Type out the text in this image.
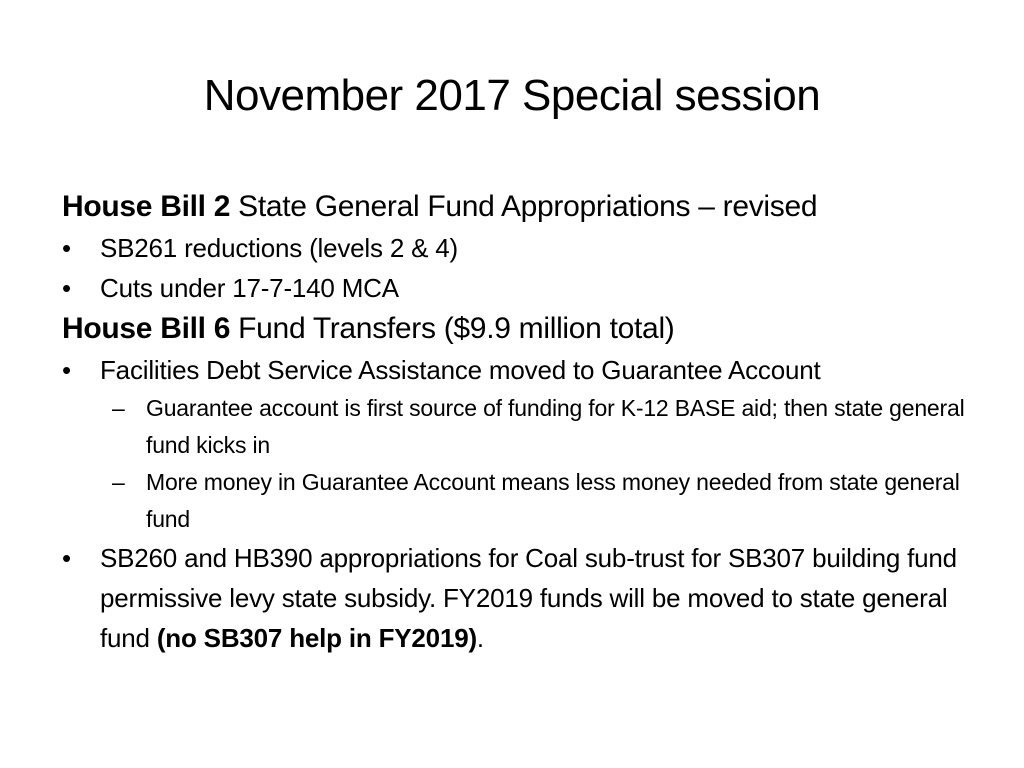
November 2017 Special session

House Bill 2 State General Fund Appropriations – revised

•	SB261 reductions (levels 2 & 4)
•	Cuts under 17-7-140 MCA

House Bill 6 Fund Transfers ($9.9 million total)

•	Facilities Debt Service Assistance moved to Guarantee Account
– Guarantee account is first source of funding for K-12 BASE aid; then state general fund kicks in
– More money in Guarantee Account means less money needed from state general fund
•	SB260 and HB390 appropriations for Coal sub-trust for SB307 building fund permissive levy state subsidy. FY2019 funds will be moved to state general fund (no SB307 help in FY2019).
